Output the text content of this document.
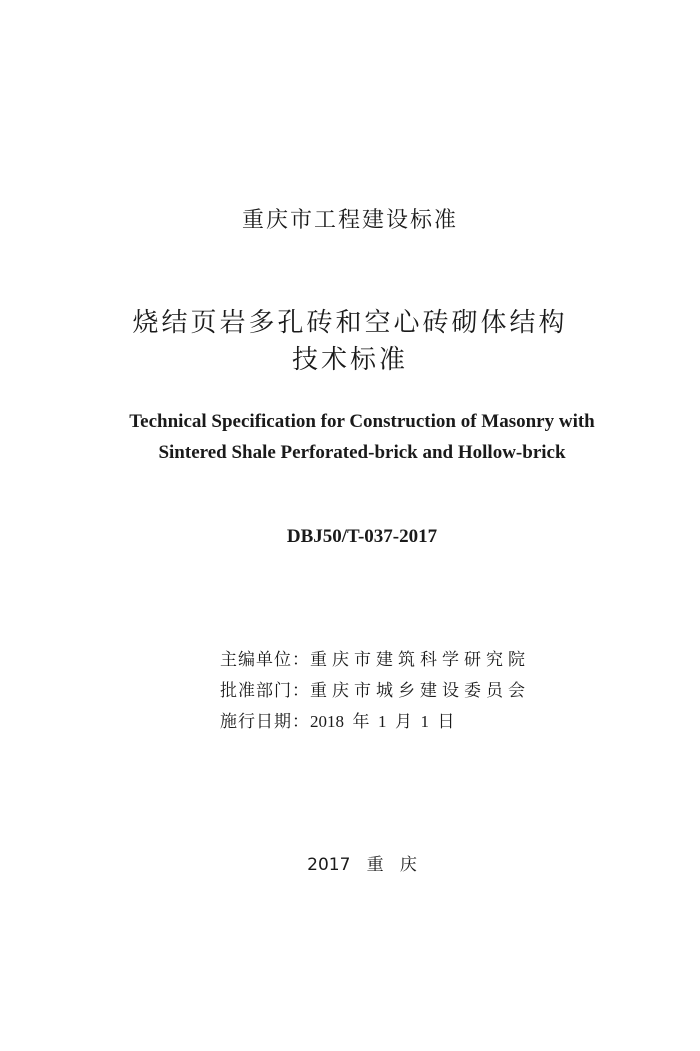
重庆市工程建设标准
烧结页岩多孔砖和空心砖砌体结构
技术标准
Technical Specification for Construction of Masonry with
Sintered Shale Perforated-brick and Hollow-brick
DBJ50/T-037-2017
主编单位：重庆市建筑科学研究院
批准部门：重庆市城乡建设委员会
施行日期：2018  年  1  月  1  日
2017   重   庆
